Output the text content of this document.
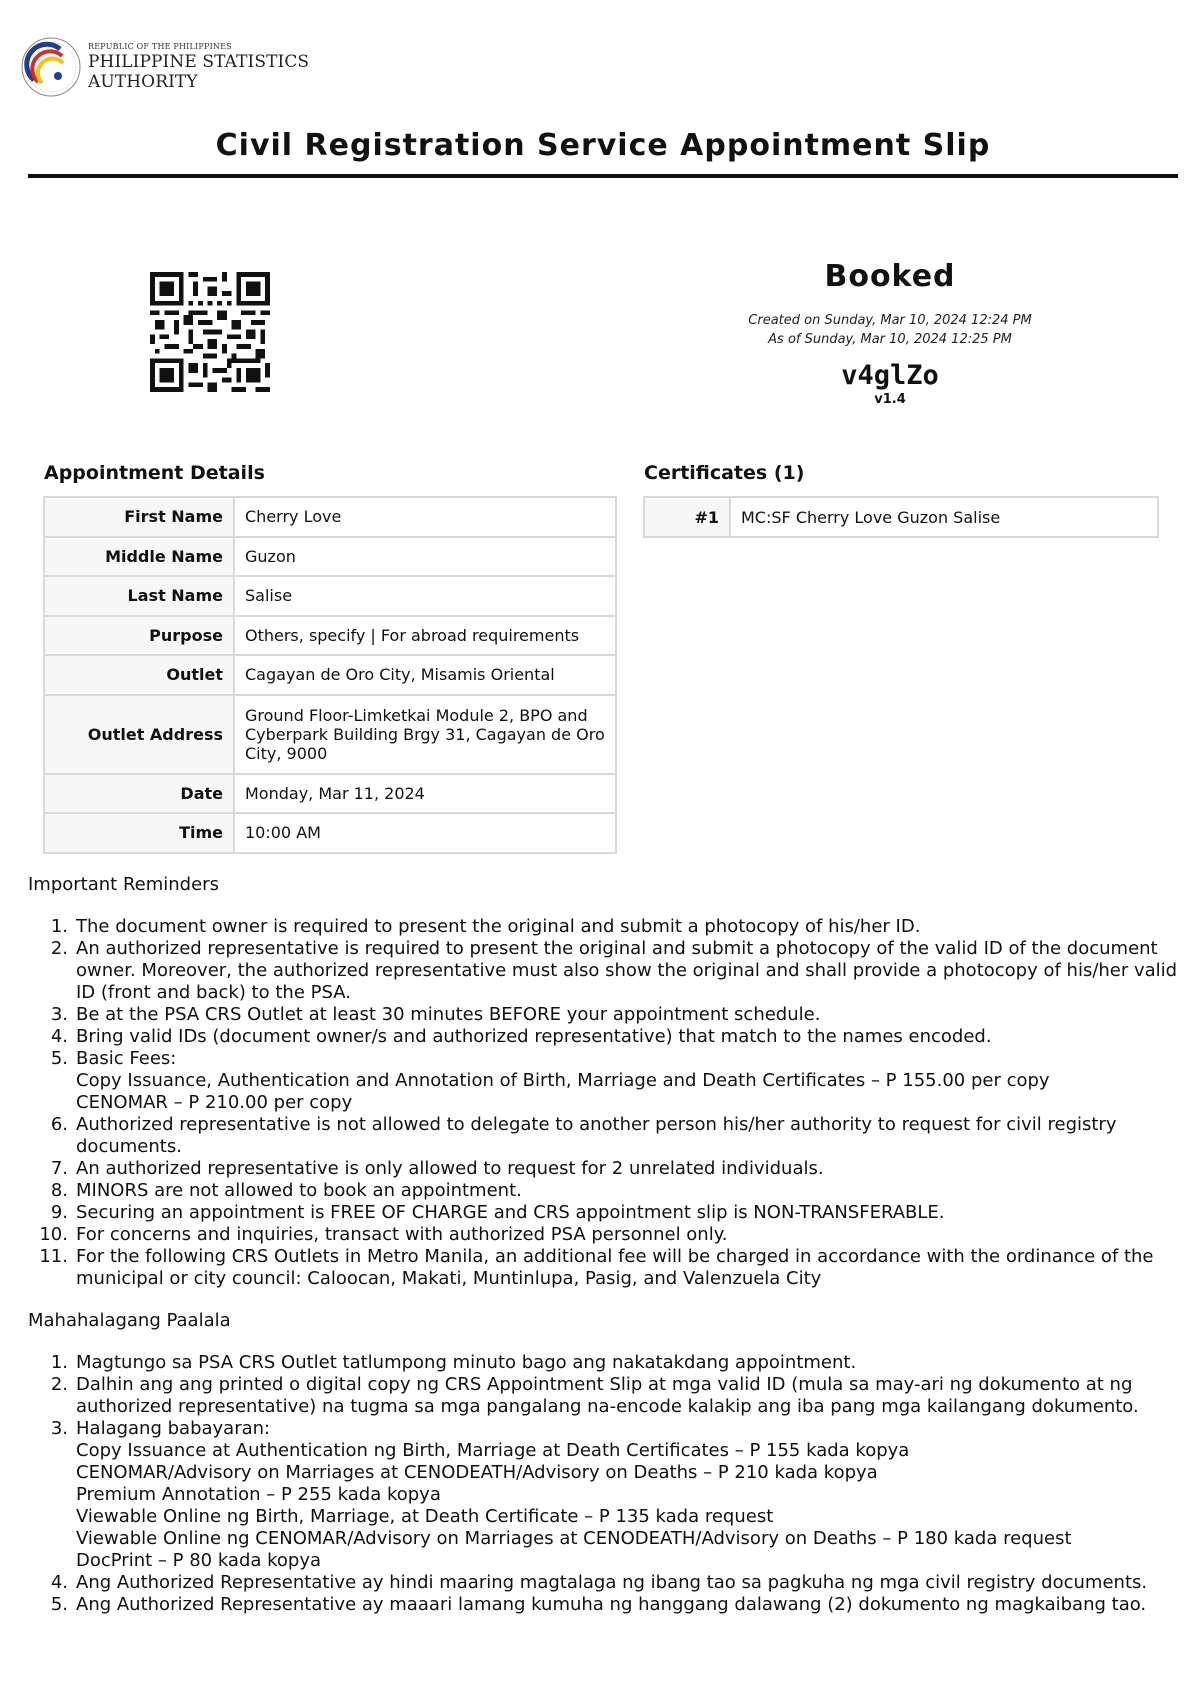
REPUBLIC OF THE PHILIPPINES
PHILIPPINE STATISTICS AUTHORITY
Civil Registration Service Appointment Slip
Booked
Created on Sunday, Mar 10, 2024 12:24 PM
As of Sunday, Mar 10, 2024 12:25 PM
v4glZo
v1.4
Appointment Details
First Name	Cherry Love
Middle Name	Guzon
Last Name	Salise
Purpose	Others, specify | For abroad requirements
Outlet	Cagayan de Oro City, Misamis Oriental
Outlet Address	Ground Floor-Limketkai Module 2, BPO and Cyberpark Building Brgy 31, Cagayan de Oro City, 9000
Date	Monday, Mar 11, 2024
Time	10:00 AM
Certificates (1)
#1	MC:SF Cherry Love Guzon Salise
Important Reminders
1. The document owner is required to present the original and submit a photocopy of his/her ID.
2. An authorized representative is required to present the original and submit a photocopy of the valid ID of the document owner. Moreover, the authorized representative must also show the original and shall provide a photocopy of his/her valid ID (front and back) to the PSA.
3. Be at the PSA CRS Outlet at least 30 minutes BEFORE your appointment schedule.
4. Bring valid IDs (document owner/s and authorized representative) that match to the names encoded.
5. Basic Fees:
Copy Issuance, Authentication and Annotation of Birth, Marriage and Death Certificates – P 155.00 per copy
CENOMAR – P 210.00 per copy
6. Authorized representative is not allowed to delegate to another person his/her authority to request for civil registry documents.
7. An authorized representative is only allowed to request for 2 unrelated individuals.
8. MINORS are not allowed to book an appointment.
9. Securing an appointment is FREE OF CHARGE and CRS appointment slip is NON-TRANSFERABLE.
10. For concerns and inquiries, transact with authorized PSA personnel only.
11. For the following CRS Outlets in Metro Manila, an additional fee will be charged in accordance with the ordinance of the municipal or city council: Caloocan, Makati, Muntinlupa, Pasig, and Valenzuela City
Mahahalagang Paalala
1. Magtungo sa PSA CRS Outlet tatlumpong minuto bago ang nakatakdang appointment.
2. Dalhin ang ang printed o digital copy ng CRS Appointment Slip at mga valid ID (mula sa may-ari ng dokumento at ng authorized representative) na tugma sa mga pangalang na-encode kalakip ang iba pang mga kailangang dokumento.
3. Halagang babayaran:
Copy Issuance at Authentication ng Birth, Marriage at Death Certificates – P 155 kada kopya
CENOMAR/Advisory on Marriages at CENODEATH/Advisory on Deaths – P 210 kada kopya
Premium Annotation – P 255 kada kopya
Viewable Online ng Birth, Marriage, at Death Certificate – P 135 kada request
Viewable Online ng CENOMAR/Advisory on Marriages at CENODEATH/Advisory on Deaths – P 180 kada request
DocPrint – P 80 kada kopya
4. Ang Authorized Representative ay hindi maaring magtalaga ng ibang tao sa pagkuha ng mga civil registry documents.
5. Ang Authorized Representative ay maaari lamang kumuha ng hanggang dalawang (2) dokumento ng magkaibang tao.
